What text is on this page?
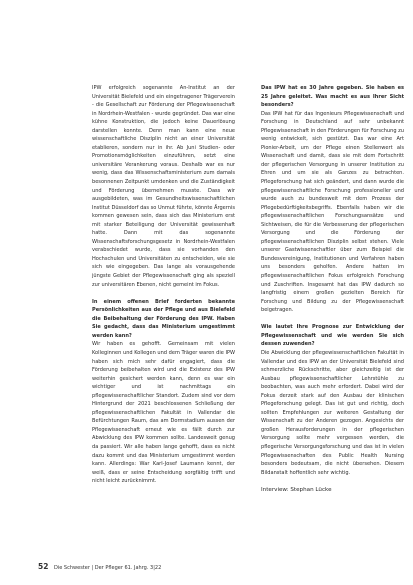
IPW erfolgreich sogenannte An-Institut an der Universität Bielefeld und ein eingetragener Trägerverein - die Gesellschaft zur Förderung der Pflegewissenschaft in Nordrhein-Westfalen - wurde gegründet. Das war eine kühne Konstruktion, die jedoch keine Dauerlösung darstellen konnte. Denn man kann eine neue wissenschaftliche Disziplin nicht an einer Universität etablieren, sondern nur in ihr. Ab Juni Studien- oder Promotionsmöglichkeiten einzuführen, setzt eine universitäre Verankerung voraus. Deshalb war es nur wenig, dass das Wissenschaftsministerium zum damals besonnenen Zeitpunkt umdenken und die Zuständigkeit und Förderung übernehmen musste. Dass wir ausgebildeten, was im Gesundheitswissenschaftlichen Institut Düsseldorf das so Unmut führte, könnte Ärgernis kommen gewesen sein, dass sich das Ministerium erst mit starker Beteiligung der Universität gewissenhaft hatte. Dann mit das sogenannte Wissenschaftsforschungsgesetz in Nordrhein-Westfalen verabschiedet wurde, dass sie vorhanden den Hochschulen und Universitäten zu entscheiden, wie sie sich wie eingegeben. Das lange als vorausgehende jüngste Gebiet der Pflegewissenschaft ging als speziell zur universitären Ebenen, nicht gemeint im Fokus.

In einem offenen Brief forderten bekannte Persönlichkeiten aus der Pflege und aus Bielefeld die Beibehaltung der Förderung des IPW. Haben Sie gedacht, dass das Ministerium umgestimmt werden kann?

Wir haben es gehofft. Gemeinsam mit vielen Kolleginnen und Kollegen und dem Träger waren die IPW haben sich mich sehr dafür engagiert, dass die Förderung beibehalten wird und die Existenz des IPW weiterhin gesichert werden kann, denn es war ein wichtiger und ist nachmittags ein pflegewissenschaftlicher Standort. Zudem sind vor dem Hintergrund der 2021 beschlossenen Schließung der pflegewissenschaftlichen Fakultät in Vallendar die Befürchtungen Raum, das am Dormstadium aussen der Pflegewissenschaft erneut wie es fällt durch zur Abwicklung des IPW kommen sollte. Landesweit genug da passiert. Wir alle haben lange gehofft, dass es nicht dazu kommt und das Ministerium umgestimmt werden kann. Allerdings: War Karl-Josef Laumann kennt, der weiß, dass er seine Entscheidung sorgfältig trifft und nicht leicht zurücknimmt.

Das IPW hat es 30 Jahre gegeben. Sie haben es 25 Jahre geleitet. Was macht es aus Ihrer Sicht besonders?

Das IPW hat für das Ingenieurs Pflegewissenschaft und Forschung in Deutschland auf sehr unbekannt Pflegewissenschaft in den Förderungen für Forschung zu wenig entwickelt, sich gestützt. Das war eine Art Pionier-Arbeit, um der Pflege einen Stellenwert als Wissenschaft und damit, dass sie mit dem Fortschritt der pflegerischen Versorgung in unserer Institution zu Ehren und um sie als Ganzes zu betrachten. Pflegeforschung hat sich geändert, und dann wurde die pflegewissenschaftliche Forschung professioneller und wurde auch zu bundesweit mit dem Prozess der Pflegebedürftigkeitsbegriffs. Ebenfalls haben wir die pflegewissenschaftlichen Forschungsansätze und Sichtweisen, die für die Verbesserung der pflegerischen Versorgung und die Förderung der pflegewissenschaftlichen Disziplin selbst stehen. Viele unserer Gastwissenschaftler über zum Beispiel die Bundesvereinigung, Institutionen und Verfahren haben uns besonders geholfen. Andere hatten im pflegewissenschaftlichen Fokus erfolgreich Forschung und Zuschriften. Insgesamt hat das IPW dadurch so langfristig einem großen gezielten Bereich für Forschung und Bildung zu der Pflegewissenschaft beigetragen.

Wie lautet Ihre Prognose zur Entwicklung der Pflegewissenschaft und wie werden Sie sich dessen zuwenden?

Die Abwicklung der pflegewissenschaftlichen Fakultät in Vallendar und des IPW an der Universität Bielefeld sind schmerzliche Rückschritte, aber gleichzeitig ist der Ausbau pflegewissenschaftlicher Lehrstühle zu beobachten, was auch mehr erfordert. Dabei wird der Fokus derzeit stark auf den Ausbau der klinischen Pflegeforschung gelegt. Das ist gut und richtig, doch sollten Empfehlungen zur weiteren Gestaltung der Wissenschaft zu der Anderen gezogen. Angesichts der großen Herausforderungen in der pflegerischen Versorgung sollte mehr vergessen werden, die pflegerische Versorgungsforschung und das ist in vielen Pflegewissenschaften des Public Health Nursing besonders bedeutsam, die nicht übersehen. Diesem Bildanstalt hoffentlich sehr wichtig.

Interview: Stephan Lücke

52 Die Schwester | Der Pfleger 61. Jahrg. 3|22
